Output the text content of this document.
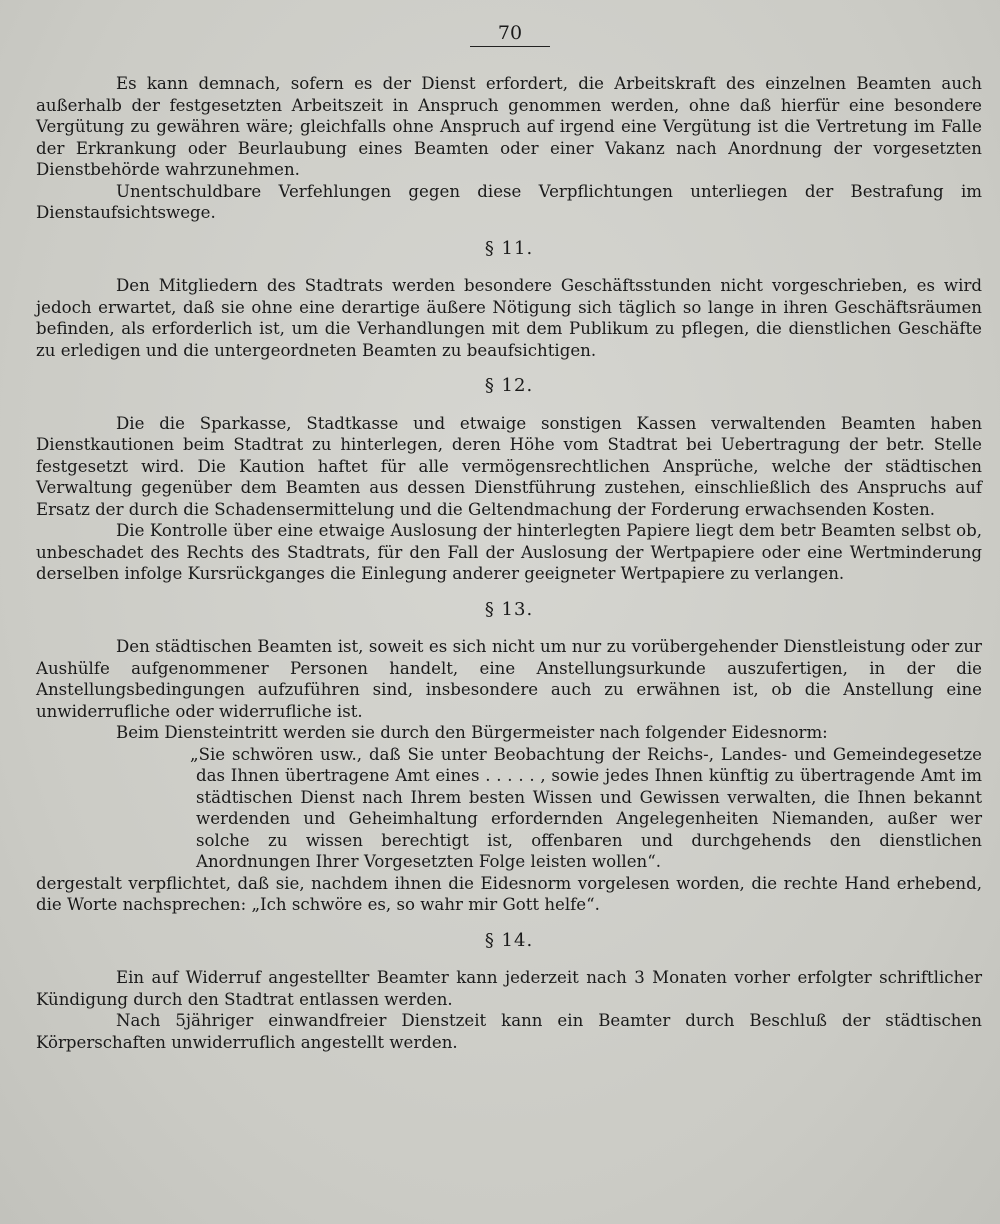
70

Es kann demnach, sofern es der Dienst erfordert, die Arbeitskraft des einzelnen Beamten auch außerhalb der festgesetzten Arbeitszeit in Anspruch genommen werden, ohne daß hierfür eine besondere Vergütung zu gewähren wäre; gleichfalls ohne Anspruch auf irgend eine Vergütung ist die Vertretung im Falle der Erkrankung oder Beurlaubung eines Beamten oder einer Vakanz nach Anordnung der vorgesetzten Dienstbehörde wahrzunehmen.

Unentschuldbare Verfehlungen gegen diese Verpflichtungen unterliegen der Bestrafung im Dienstaufsichtswege.

§ 11.

Den Mitgliedern des Stadtrats werden besondere Geschäftsstunden nicht vorgeschrieben, es wird jedoch erwartet, daß sie ohne eine derartige äußere Nötigung sich täglich so lange in ihren Geschäftsräumen befinden, als erforderlich ist, um die Verhandlungen mit dem Publikum zu pflegen, die dienstlichen Geschäfte zu erledigen und die untergeordneten Beamten zu beaufsichtigen.

§ 12.

Die die Sparkasse, Stadtkasse und etwaige sonstigen Kassen verwaltenden Beamten haben Dienstkautionen beim Stadtrat zu hinterlegen, deren Höhe vom Stadtrat bei Uebertragung der betr. Stelle festgesetzt wird. Die Kaution haftet für alle vermögensrechtlichen Ansprüche, welche der städtischen Verwaltung gegenüber dem Beamten aus dessen Dienstführung zustehen, einschließlich des Anspruchs auf Ersatz der durch die Schadensermittelung und die Geltendmachung der Forderung erwachsenden Kosten.

Die Kontrolle über eine etwaige Auslosung der hinterlegten Papiere liegt dem betr Beamten selbst ob, unbeschadet des Rechts des Stadtrats, für den Fall der Auslosung der Wertpapiere oder eine Wertminderung derselben infolge Kursrückganges die Einlegung anderer geeigneter Wertpapiere zu verlangen.

§ 13.

Den städtischen Beamten ist, soweit es sich nicht um nur zu vorübergehender Dienstleistung oder zur Aushülfe aufgenommener Personen handelt, eine Anstellungsurkunde auszufertigen, in der die Anstellungsbedingungen aufzuführen sind, insbesondere auch zu erwähnen ist, ob die Anstellung eine unwiderrufliche oder widerrufliche ist.

Beim Diensteintritt werden sie durch den Bürgermeister nach folgender Eidesnorm:

„Sie schwören usw., daß Sie unter Beobachtung der Reichs-, Landes- und Gemeindegesetze das Ihnen übertragene Amt eines . . . . . , sowie jedes Ihnen künftig zu übertragende Amt im städtischen Dienst nach Ihrem besten Wissen und Gewissen verwalten, die Ihnen bekannt werdenden und Geheimhaltung erfordernden Angelegenheiten Niemanden, außer wer solche zu wissen berechtigt ist, offenbaren und durchgehends den dienstlichen Anordnungen Ihrer Vorgesetzten Folge leisten wollen“.

dergestalt verpflichtet, daß sie, nachdem ihnen die Eidesnorm vorgelesen worden, die rechte Hand erhebend, die Worte nachsprechen: „Ich schwöre es, so wahr mir Gott helfe“.

§ 14.

Ein auf Widerruf angestellter Beamter kann jederzeit nach 3 Monaten vorher erfolgter schriftlicher Kündigung durch den Stadtrat entlassen werden.

Nach 5jähriger einwandfreier Dienstzeit kann ein Beamter durch Beschluß der städtischen Körperschaften unwiderruflich angestellt werden.
